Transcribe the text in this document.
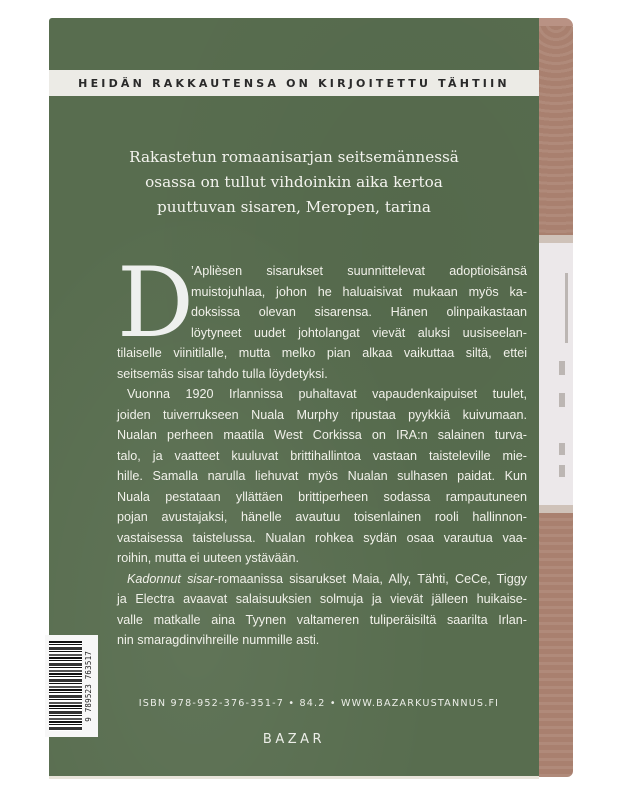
HEIDÄN RAKKAUTENSA ON KIRJOITETTU TÄHTIIN
Rakastetun romaanisarjan seitsemännessä
osassa on tullut vihdoinkin aika kertoa
puuttuvan sisaren, Meropen, tarina
D
’Aplièsen sisarukset suunnittelevat adoptioisänsä
muistojuhlaa, johon he haluaisivat mukaan myös ka-
doksissa olevan sisarensa. Hänen olinpaikastaan
löytyneet uudet johtolangat vievät aluksi uusiseelan-
tilaiselle viinitilalle, mutta melko pian alkaa vaikuttaa siltä, ettei
seitsemäs sisar tahdo tulla löydetyksi.
Vuonna 1920 Irlannissa puhaltavat vapaudenkaipuiset tuulet,
joiden tuiverrukseen Nuala Murphy ripustaa pyykkiä kuivumaan.
Nualan perheen maatila West Corkissa on IRA:n salainen turva-
talo, ja vaatteet kuuluvat brittihallintoa vastaan taisteleville mie-
hille. Samalla narulla liehuvat myös Nualan sulhasen paidat. Kun
Nuala pestataan yllättäen brittiperheen sodassa rampautuneen
pojan avustajaksi, hänelle avautuu toisenlainen rooli hallinnon-
vastaisessa taistelussa. Nualan rohkea sydän osaa varautua vaa-
roihin, mutta ei uuteen ystävään.
Kadonnut sisar-romaanissa sisarukset Maia, Ally, Tähti, CeCe, Tiggy
ja Electra avaavat salaisuuksien solmuja ja vievät jälleen huikaise-
valle matkalle aina Tyynen valtameren tuliperäisiltä saarilta Irlan-
nin smaragdinvihreille nummille asti.
9 789523 763517	ISBN 978-952-376-351-7 • 84.2 • WWW.BAZARKUSTANNUS.FI
BAZAR
